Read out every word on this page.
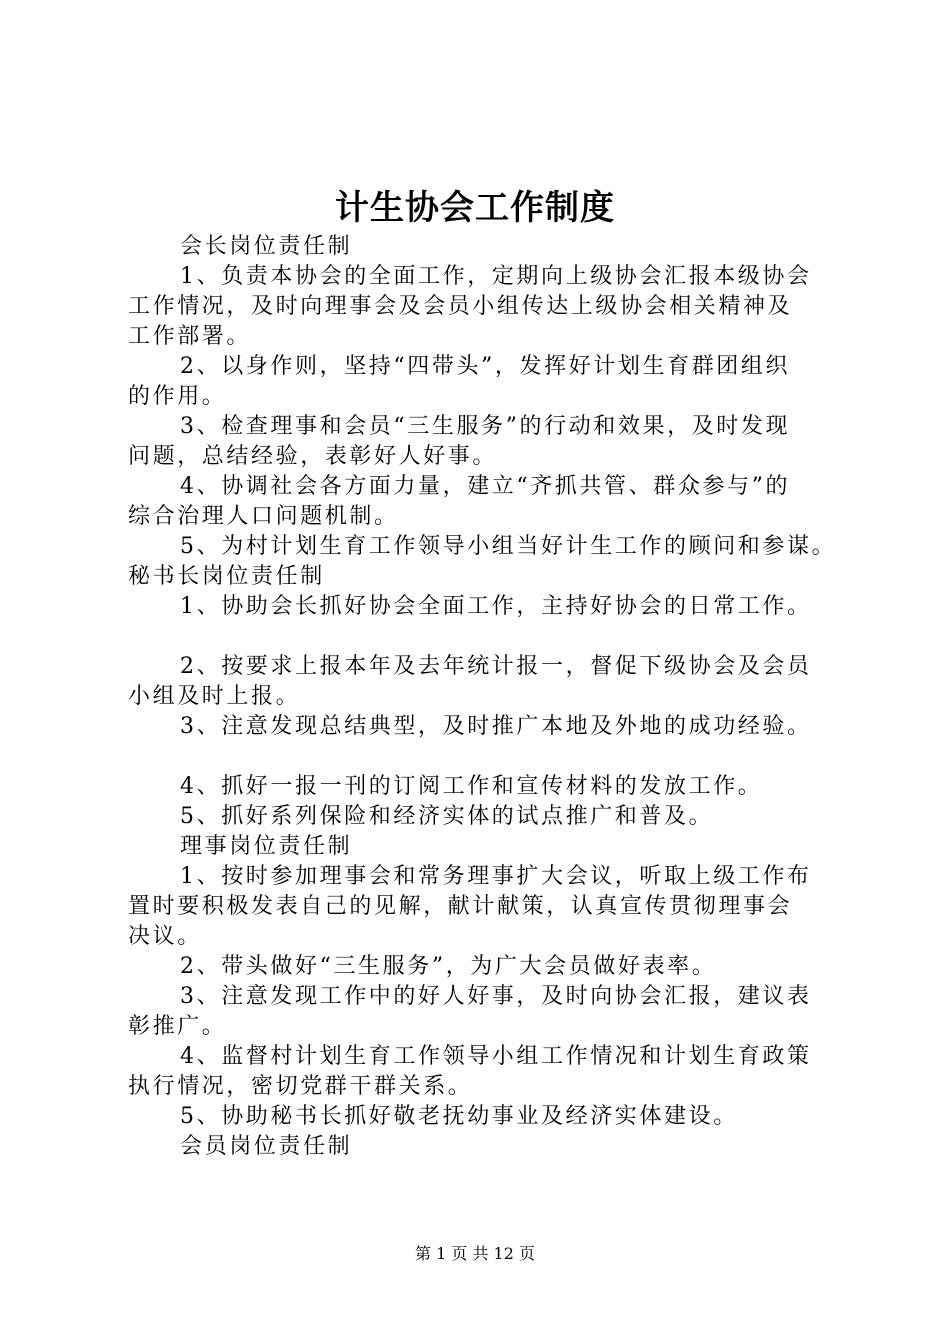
计生协会工作制度
会长岗位责任制
1、负责本协会的全面工作，定期向上级协会汇报本级协会
工作情况，及时向理事会及会员小组传达上级协会相关精神及
工作部署。
2、以身作则，坚持“四带头”，发挥好计划生育群团组织
的作用。
3、检查理事和会员“三生服务”的行动和效果，及时发现
问题，总结经验，表彰好人好事。
4、协调社会各方面力量，建立“齐抓共管、群众参与”的
综合治理人口问题机制。
5、为村计划生育工作领导小组当好计生工作的顾问和参谋。
秘书长岗位责任制
1、协助会长抓好协会全面工作，主持好协会的日常工作。
2、按要求上报本年及去年统计报一，督促下级协会及会员
小组及时上报。
3、注意发现总结典型，及时推广本地及外地的成功经验。
4、抓好一报一刊的订阅工作和宣传材料的发放工作。
5、抓好系列保险和经济实体的试点推广和普及。
理事岗位责任制
1、按时参加理事会和常务理事扩大会议，听取上级工作布
置时要积极发表自己的见解，献计献策，认真宣传贯彻理事会
决议。
2、带头做好“三生服务”，为广大会员做好表率。
3、注意发现工作中的好人好事，及时向协会汇报，建议表
彰推广。
4、监督村计划生育工作领导小组工作情况和计划生育政策
执行情况，密切党群干群关系。
5、协助秘书长抓好敬老抚幼事业及经济实体建设。
会员岗位责任制
第 1 页 共 12 页
